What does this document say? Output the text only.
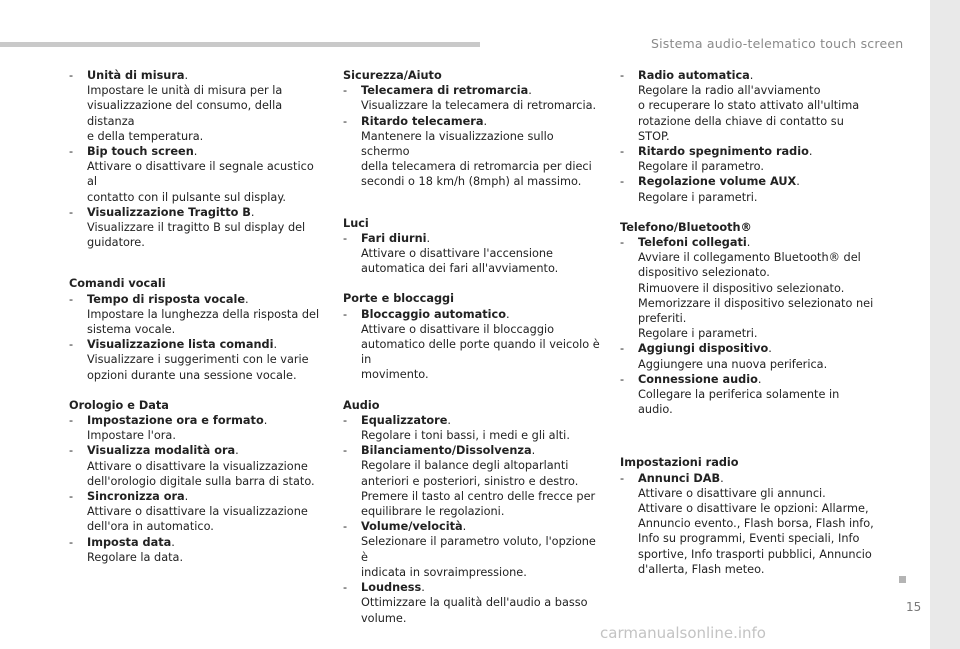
Sistema audio-telematico touch screen
15
carmanualsonline.info
-	Unità di misura.
Impostare le unità di misura per la
visualizzazione del consumo, della distanza
e della temperatura.
-	Bip touch screen.
Attivare o disattivare il segnale acustico al
contatto con il pulsante sul display.
-	Visualizzazione Tragitto B.
Visualizzare il tragitto B sul display del
guidatore.
Comandi vocali
-	Tempo di risposta vocale.
Impostare la lunghezza della risposta del
sistema vocale.
-	Visualizzazione lista comandi.
Visualizzare i suggerimenti con le varie
opzioni durante una sessione vocale.
Orologio e Data
-	Impostazione ora e formato.
Impostare l'ora.
-	Visualizza modalità ora.
Attivare o disattivare la visualizzazione
dell'orologio digitale sulla barra di stato.
-	Sincronizza ora.
Attivare o disattivare la visualizzazione
dell'ora in automatico.
-	Imposta data.
Regolare la data.
Sicurezza/Aiuto
-	Telecamera di retromarcia.
Visualizzare la telecamera di retromarcia.
-	Ritardo telecamera.
Mantenere la visualizzazione sullo schermo
della telecamera di retromarcia per dieci
secondi o 18 km/h (8mph) al massimo.
Luci
-	Fari diurni.
Attivare o disattivare l'accensione
automatica dei fari all'avviamento.
Porte e bloccaggi
-	Bloccaggio automatico.
Attivare o disattivare il bloccaggio
automatico delle porte quando il veicolo è in
movimento.
Audio
-	Equalizzatore.
Regolare i toni bassi, i medi e gli alti.
-	Bilanciamento/Dissolvenza.
Regolare il balance degli altoparlanti
anteriori e posteriori, sinistro e destro.
Premere il tasto al centro delle frecce per
equilibrare le regolazioni.
-	Volume/velocità.
Selezionare il parametro voluto, l'opzione è
indicata in sovraimpressione.
-	Loudness.
Ottimizzare la qualità dell'audio a basso
volume.
-	Radio automatica.
Regolare la radio all'avviamento
o recuperare lo stato attivato all'ultima
rotazione della chiave di contatto su STOP.
-	Ritardo spegnimento radio.
Regolare il parametro.
-	Regolazione volume AUX.
Regolare i parametri.
Telefono/Bluetooth®
-	Telefoni collegati.
Avviare il collegamento Bluetooth® del
dispositivo selezionato.
Rimuovere il dispositivo selezionato.
Memorizzare il dispositivo selezionato nei
preferiti.
Regolare i parametri.
-	Aggiungi dispositivo.
Aggiungere una nuova periferica.
-	Connessione audio.
Collegare la periferica solamente in audio.
Impostazioni radio
-	Annunci DAB.
Attivare o disattivare gli annunci.
Attivare o disattivare le opzioni: Allarme,
Annuncio evento., Flash borsa, Flash info,
Info su programmi, Eventi speciali, Info
sportive, Info trasporti pubblici, Annuncio
d'allerta, Flash meteo.
